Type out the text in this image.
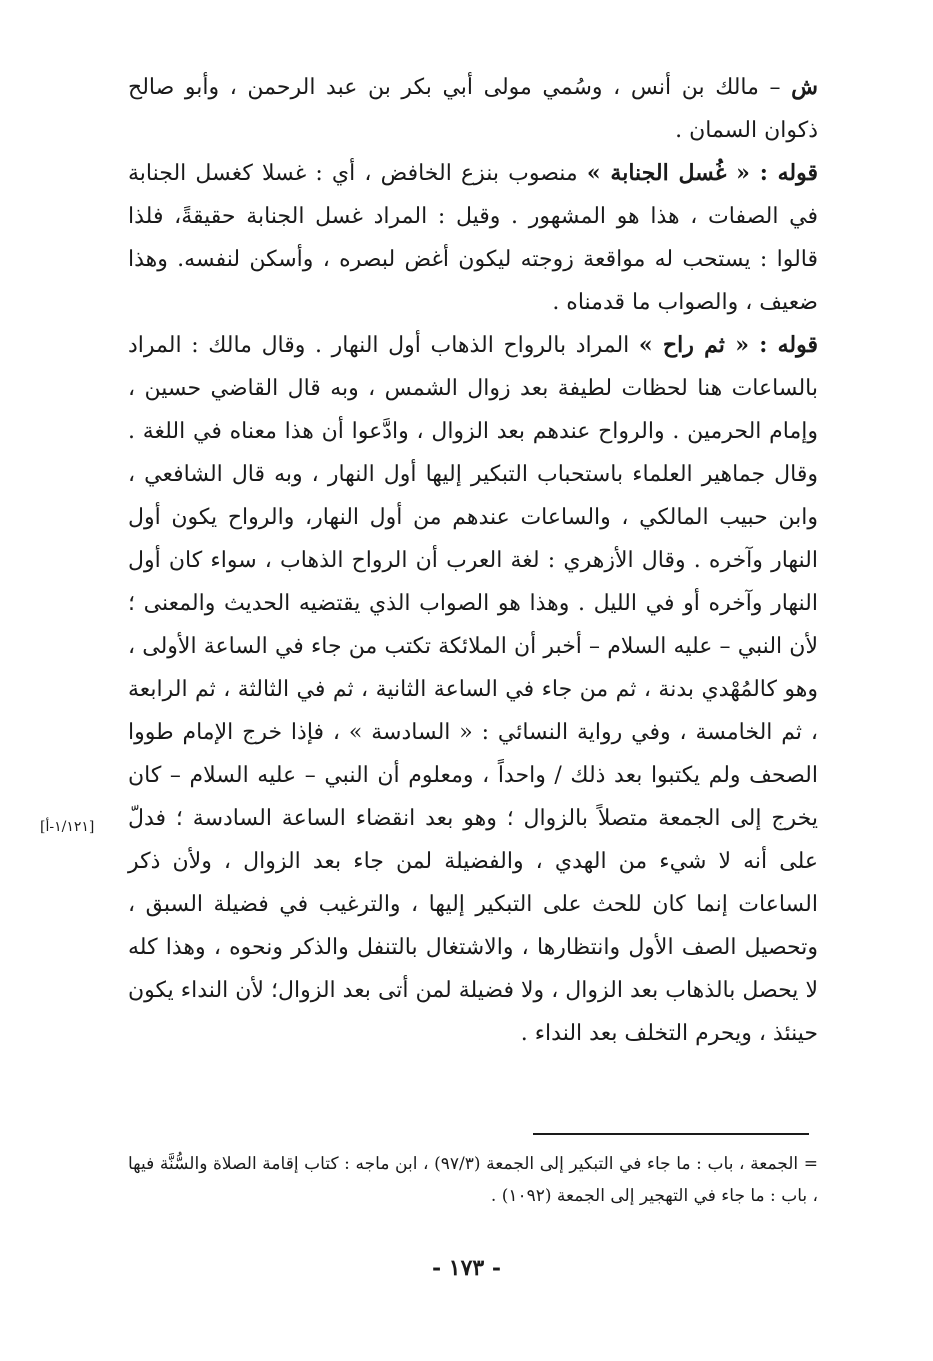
ش – مالك بن أنس ، وسُمي مولى أبي بكر بن عبد الرحمن ، وأبو صالح ذكوان السمان .

قوله : « غُسل الجنابة » منصوب بنزع الخافض ، أي : غسلا كغسل الجنابة في الصفات ، هذا هو المشهور . وقيل : المراد غسل الجنابة حقيقةً، فلذا قالوا : يستحب له مواقعة زوجته ليكون أغض لبصره ، وأسكن لنفسه. وهذا ضعيف ، والصواب ما قدمناه .

قوله : « ثم راح » المراد بالرواح الذهاب أول النهار . وقال مالك : المراد بالساعات هنا لحظات لطيفة بعد زوال الشمس ، وبه قال القاضي حسين ، وإمام الحرمين . والرواح عندهم بعد الزوال ، وادَّعوا أن هذا معناه في اللغة . وقال جماهير العلماء باستحباب التبكير إليها أول النهار ، وبه قال الشافعي ، وابن حبيب المالكي ، والساعات عندهم من أول النهار، والرواح يكون أول النهار وآخره . وقال الأزهري : لغة العرب أن الرواح الذهاب ، سواء كان أول النهار وآخره أو في الليل . وهذا هو الصواب الذي يقتضيه الحديث والمعنى ؛ لأن النبي – عليه السلام – أخبر أن الملائكة تكتب من جاء في الساعة الأولى ، وهو كالمُهْدي بدنة ، ثم من جاء في الساعة الثانية ، ثم في الثالثة ، ثم الرابعة ، ثم الخامسة ، وفي رواية النسائي : « السادسة » ، فإذا خرج الإمام طووا الصحف ولم يكتبوا بعد ذلك / واحداً ، ومعلوم أن النبي – عليه السلام – كان يخرج إلى الجمعة متصلاً بالزوال ؛ وهو بعد انقضاء الساعة السادسة ؛ فدلّ على أنه لا شيء من الهدي ، والفضيلة لمن جاء بعد الزوال ، ولأن ذكر الساعات إنما كان للحث على التبكير إليها ، والترغيب في فضيلة السبق ، وتحصيل الصف الأول وانتظارها ، والاشتغال بالتنفل والذكر ونحوه ، وهذا كله لا يحصل بالذهاب بعد الزوال ، ولا فضيلة لمن أتى بعد الزوال؛ لأن النداء يكون حينئذ ، ويحرم التخلف بعد النداء .

[١/١٢١-أ]

= الجمعة ، باب : ما جاء في التبكير إلى الجمعة (٩٧/٣) ، ابن ماجه : كتاب إقامة الصلاة والسُّنَّة فيها ، باب : ما جاء في التهجير إلى الجمعة (١٠٩٢) .

- ١٧٣ -
